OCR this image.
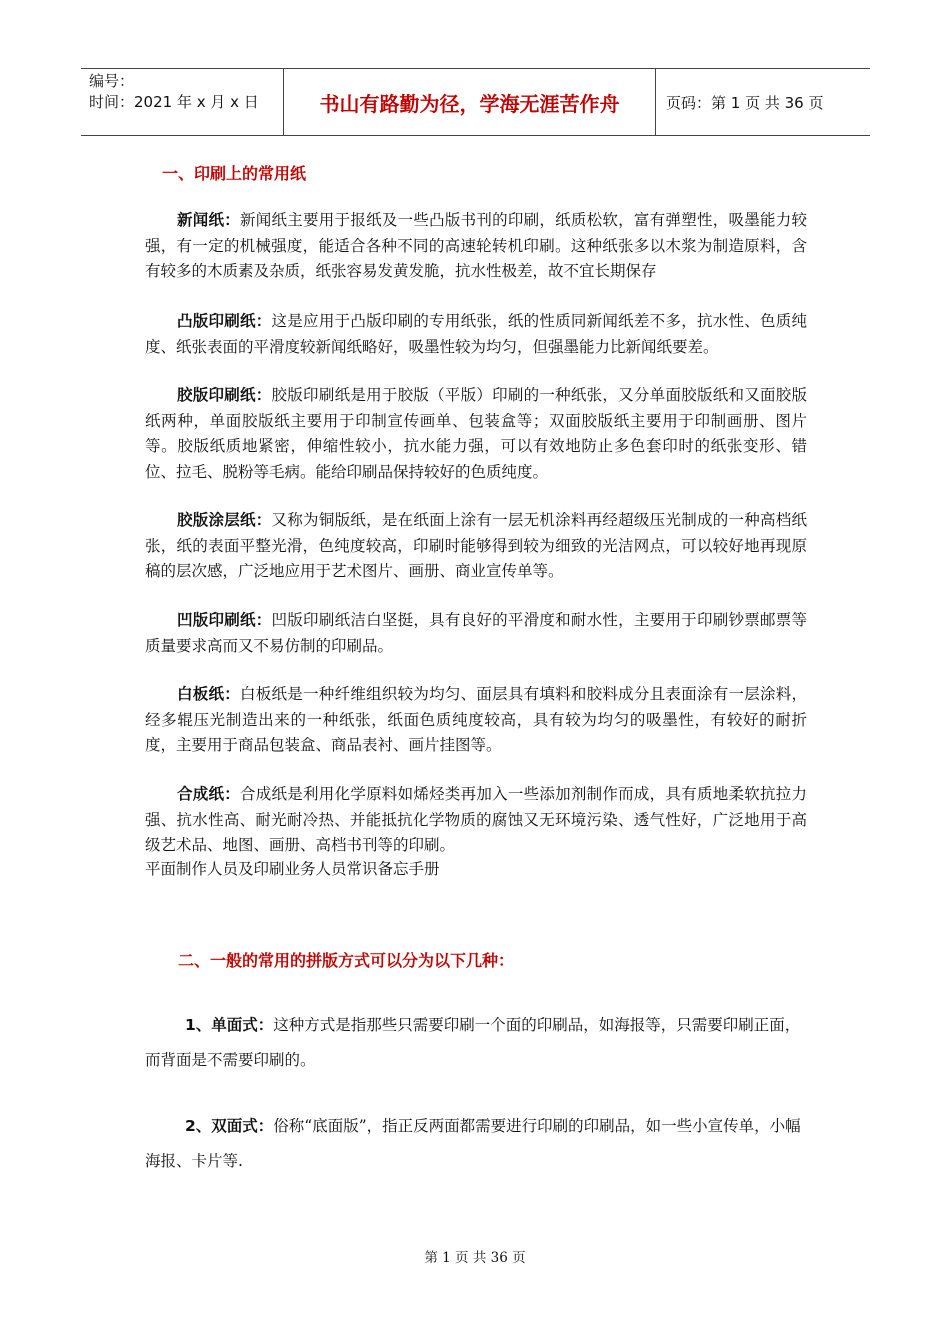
编号：
时间：2021 年 x 月 x 日	书山有路勤为径，学海无涯苦作舟	页码：第 1 页 共 36 页
一、印刷上的常用纸
新闻纸：新闻纸主要用于报纸及一些凸版书刊的印刷，纸质松软，富有弹塑性，吸墨能力较强，有一定的机械强度，能适合各种不同的高速轮转机印刷。这种纸张多以木浆为制造原料，含有较多的木质素及杂质，纸张容易发黄发脆，抗水性极差，故不宜长期保存
凸版印刷纸：这是应用于凸版印刷的专用纸张，纸的性质同新闻纸差不多，抗水性、色质纯度、纸张表面的平滑度较新闻纸略好，吸墨性较为均匀，但强墨能力比新闻纸要差。
胶版印刷纸：胶版印刷纸是用于胶版（平版）印刷的一种纸张，又分单面胶版纸和又面胶版纸两种，单面胶版纸主要用于印制宣传画单、包装盒等；双面胶版纸主要用于印制画册、图片等。胶版纸质地紧密，伸缩性较小，抗水能力强，可以有效地防止多色套印时的纸张变形、错位、拉毛、脱粉等毛病。能给印刷品保持较好的色质纯度。
胶版涂层纸：又称为铜版纸，是在纸面上涂有一层无机涂料再经超级压光制成的一种高档纸张，纸的表面平整光滑，色纯度较高，印刷时能够得到较为细致的光洁网点，可以较好地再现原稿的层次感，广泛地应用于艺术图片、画册、商业宣传单等。
凹版印刷纸：凹版印刷纸洁白坚挺，具有良好的平滑度和耐水性，主要用于印刷钞票邮票等质量要求高而又不易仿制的印刷品。
白板纸：白板纸是一种纤维组织较为均匀、面层具有填料和胶料成分且表面涂有一层涂料，经多辊压光制造出来的一种纸张，纸面色质纯度较高，具有较为均匀的吸墨性，有较好的耐折度，主要用于商品包装盒、商品表衬、画片挂图等。
合成纸：合成纸是利用化学原料如烯烃类再加入一些添加剂制作而成，具有质地柔软抗拉力强、抗水性高、耐光耐冷热、并能抵抗化学物质的腐蚀又无环境污染、透气性好，广泛地用于高级艺术品、地图、画册、高档书刊等的印刷。
平面制作人员及印刷业务人员常识备忘手册
二、一般的常用的拼版方式可以分为以下几种：
1、单面式：这种方式是指那些只需要印刷一个面的印刷品，如海报等，只需要印刷正面，而背面是不需要印刷的。
2、双面式：俗称“底面版”，指正反两面都需要进行印刷的印刷品，如一些小宣传单，小幅海报、卡片等.
第 1 页 共 36 页
